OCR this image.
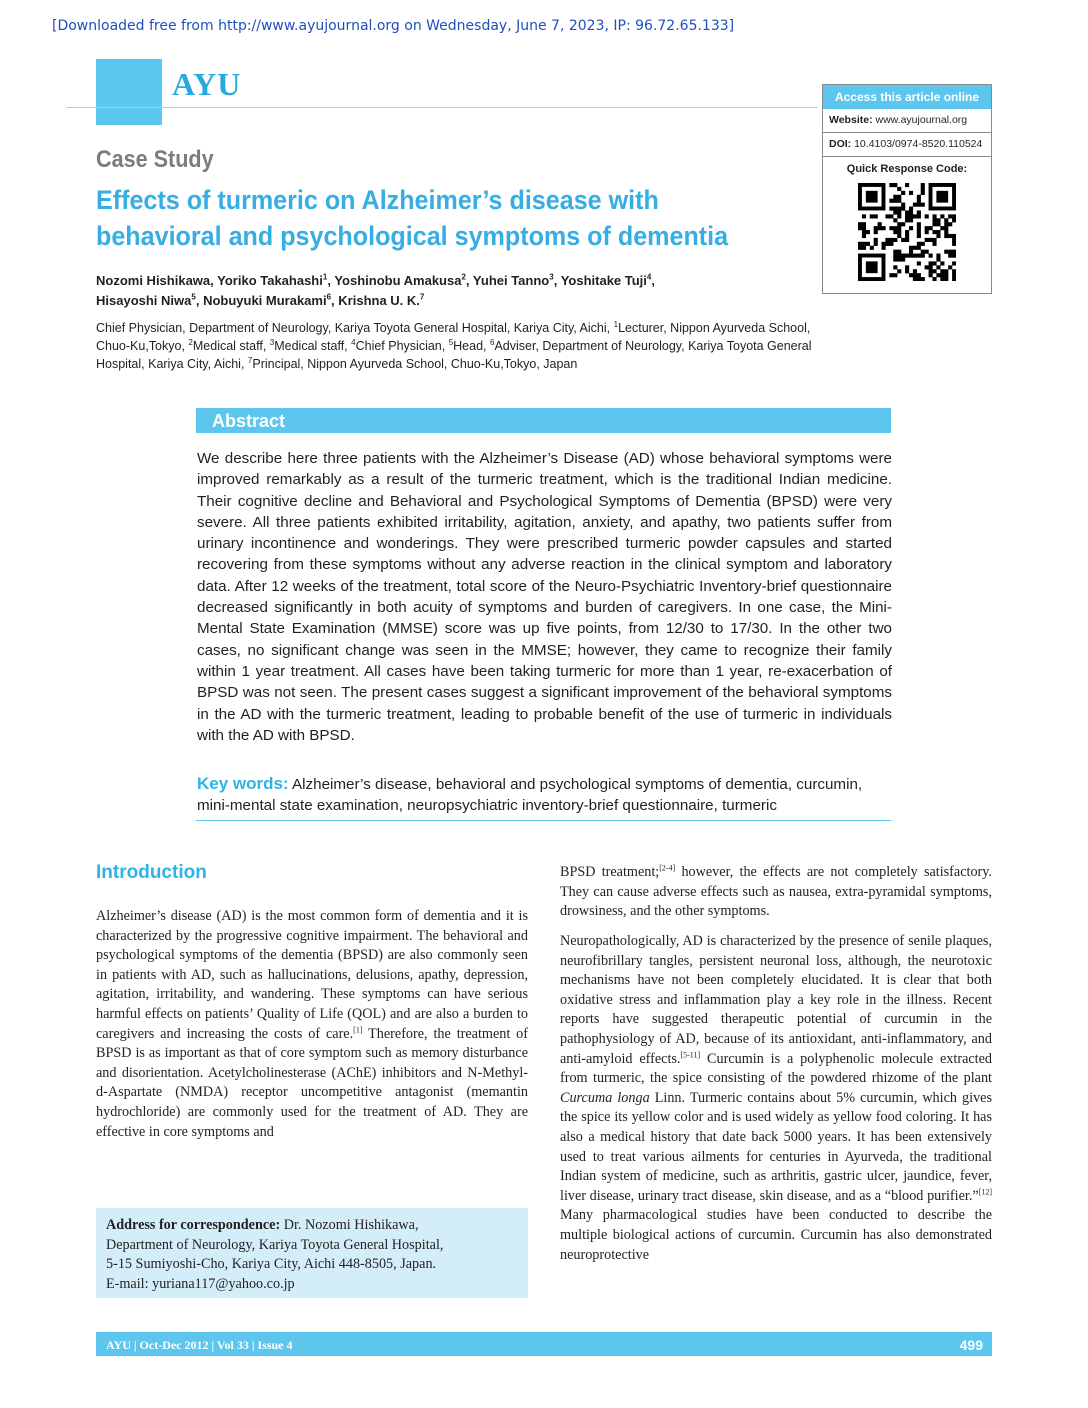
[Downloaded free from http://www.ayujournal.org on Wednesday, June 7, 2023, IP: 96.72.65.133]
AYU	Access this article online
Website: www.ayujournal.org
DOI: 10.4103/0974-8520.110524
Quick Response Code:
Case Study
Effects of turmeric on Alzheimer’s disease with behavioral and psychological symptoms of dementia
Nozomi Hishikawa, Yoriko Takahashi$^1$, Yoshinobu Amakusa$^2$, Yuhei Tanno$^3$, Yoshitake Tuji$^4$,
Hisayoshi Niwa$^5$, Nobuyuki Murakami$^6$, Krishna U. K.$^7$
Chief Physician, Department of Neurology, Kariya Toyota General Hospital, Kariya City, Aichi, $^1$Lecturer, Nippon Ayurveda School, Chuo-Ku,Tokyo, $^2$Medical staff, $^3$Medical staff, $^4$Chief Physician, $^5$Head, $^6$Adviser, Department of Neurology, Kariya Toyota General Hospital, Kariya City, Aichi, $^7$Principal, Nippon Ayurveda School, Chuo-Ku,Tokyo, Japan
Abstract
We describe here three patients with the Alzheimer’s Disease (AD) whose behavioral symptoms were improved remarkably as a result of the turmeric treatment, which is the traditional Indian medicine. Their cognitive decline and Behavioral and Psychological Symptoms of Dementia (BPSD) were very severe. All three patients exhibited irritability, agitation, anxiety, and apathy, two patients suffer from urinary incontinence and wonderings. They were prescribed turmeric powder capsules and started recovering from these symptoms without any adverse reaction in the clinical symptom and laboratory data. After 12 weeks of the treatment, total score of the Neuro-Psychiatric Inventory-brief questionnaire decreased significantly in both acuity of symptoms and burden of caregivers. In one case, the Mini-Mental State Examination (MMSE) score was up five points, from 12/30 to 17/30. In the other two cases, no significant change was seen in the MMSE; however, they came to recognize their family within 1 year treatment. All cases have been taking turmeric for more than 1 year, re-exacerbation of BPSD was not seen. The present cases suggest a significant improvement of the behavioral symptoms in the AD with the turmeric treatment, leading to probable benefit of the use of turmeric in individuals with the AD with BPSD.
Key words: Alzheimer’s disease, behavioral and psychological symptoms of dementia, curcumin, mini-mental state examination, neuropsychiatric inventory-brief questionnaire, turmeric
Introduction

Alzheimer’s disease (AD) is the most common form of dementia and it is characterized by the progressive cognitive impairment. The behavioral and psychological symptoms of the dementia (BPSD) are also commonly seen in patients with AD, such as hallucinations, delusions, apathy, depression, agitation, irritability, and wandering. These symptoms can have serious harmful effects on patients’ Quality of Life (QOL) and are also a burden to caregivers and increasing the costs of care.[1] Therefore, the treatment of BPSD is as important as that of core symptom such as memory disturbance and disorientation. Acetylcholinesterase (AChE) inhibitors and N-Methyl-d-Aspartate (NMDA) receptor uncompetitive antagonist (memantin hydrochloride) are commonly used for the treatment of AD. They are effective in core symptoms and

BPSD treatment;[2-4] however, the effects are not completely satisfactory. They can cause adverse effects such as nausea, extra-pyramidal symptoms, drowsiness, and the other symptoms.

Neuropathologically, AD is characterized by the presence of senile plaques, neurofibrillary tangles, persistent neuronal loss, although, the neurotoxic mechanisms have not been completely elucidated. It is clear that both oxidative stress and inflammation play a key role in the illness. Recent reports have suggested therapeutic potential of curcumin in the pathophysiology of AD, because of its antioxidant, anti-inflammatory, and anti-amyloid effects.[5-11] Curcumin is a polyphenolic molecule extracted from turmeric, the spice consisting of the powdered rhizome of the plant Curcuma longa Linn. Turmeric contains about 5% curcumin, which gives the spice its yellow color and is used widely as yellow food coloring. It has also a medical history that date back 5000 years. It has been extensively used to treat various ailments for centuries in Ayurveda, the traditional Indian system of medicine, such as arthritis, gastric ulcer, jaundice, fever, liver disease, urinary tract disease, skin disease, and as a “blood purifier.”[12] Many pharmacological studies have been conducted to describe the multiple biological actions of curcumin. Curcumin has also demonstrated neuroprotective

Address for correspondence: Dr. Nozomi Hishikawa,
Department of Neurology, Kariya Toyota General Hospital,
5-15 Sumiyoshi-Cho, Kariya City, Aichi 448-8505, Japan.
E-mail: yuriana117@yahoo.co.jp
AYU | Oct-Dec 2012 | Vol 33 | Issue 4	499
